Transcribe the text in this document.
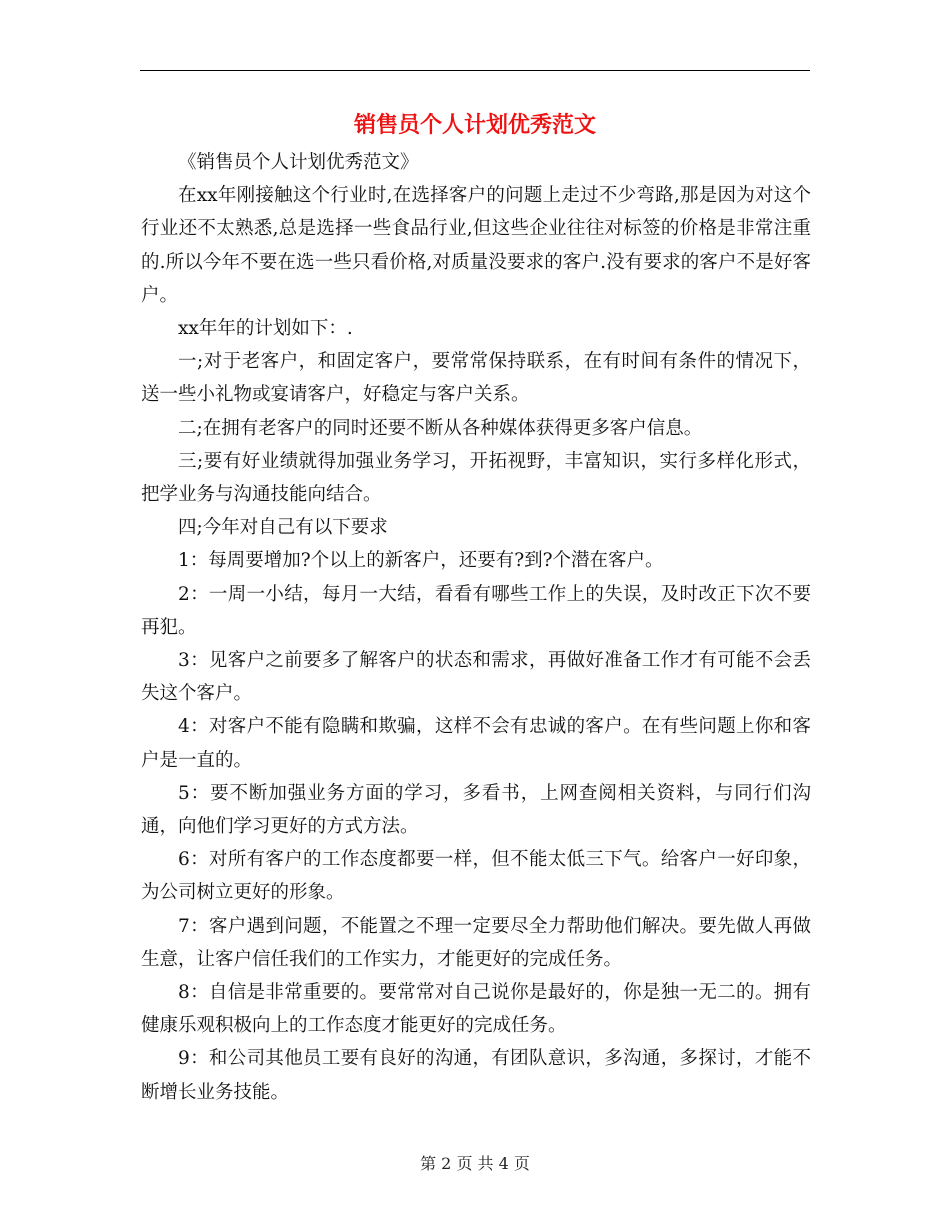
销售员个人计划优秀范文

《销售员个人计划优秀范文》

在xx年刚接触这个行业时,在选择客户的问题上走过不少弯路,那是因为对这个行业还不太熟悉,总是选择一些食品行业,但这些企业往往对标签的价格是非常注重的.所以今年不要在选一些只看价格,对质量没要求的客户.没有要求的客户不是好客户。

xx年年的计划如下：.

一;对于老客户，和固定客户，要常常保持联系，在有时间有条件的情况下，送一些小礼物或宴请客户，好稳定与客户关系。

二;在拥有老客户的同时还要不断从各种媒体获得更多客户信息。

三;要有好业绩就得加强业务学习，开拓视野，丰富知识，实行多样化形式，把学业务与沟通技能向结合。

四;今年对自己有以下要求

1：每周要增加?个以上的新客户，还要有?到?个潜在客户。

2：一周一小结，每月一大结，看看有哪些工作上的失误，及时改正下次不要再犯。

3：见客户之前要多了解客户的状态和需求，再做好准备工作才有可能不会丢失这个客户。

4：对客户不能有隐瞒和欺骗，这样不会有忠诚的客户。在有些问题上你和客户是一直的。

5：要不断加强业务方面的学习，多看书，上网查阅相关资料，与同行们沟通，向他们学习更好的方式方法。

6：对所有客户的工作态度都要一样，但不能太低三下气。给客户一好印象，为公司树立更好的形象。

7：客户遇到问题，不能置之不理一定要尽全力帮助他们解决。要先做人再做生意，让客户信任我们的工作实力，才能更好的完成任务。

8：自信是非常重要的。要常常对自己说你是最好的，你是独一无二的。拥有健康乐观积极向上的工作态度才能更好的完成任务。

9：和公司其他员工要有良好的沟通，有团队意识，多沟通，多探讨，才能不断增长业务技能。

第 2 页 共 4 页
